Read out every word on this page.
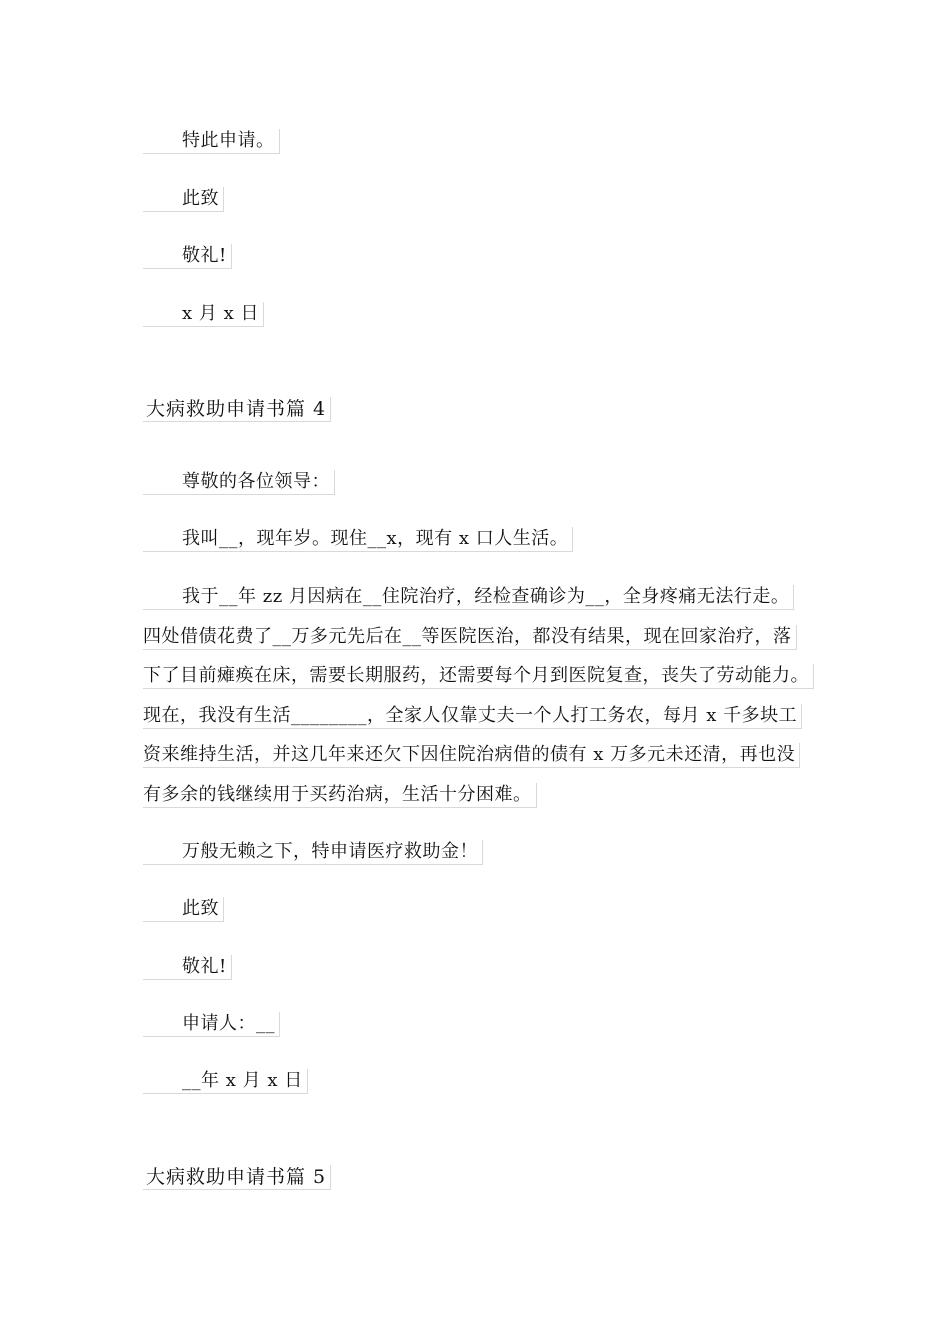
特此申请。
此致
敬礼!
x 月 x 日
大病救助申请书篇 4
尊敬的各位领导：
我叫__，现年岁。现住__x，现有 x 口人生活。
我于__年 zz 月因病在__住院治疗，经检查确诊为__，全身疼痛无法行走。
四处借债花费了__万多元先后在__等医院医治，都没有结果，现在回家治疗，落
下了目前瘫痪在床，需要长期服药，还需要每个月到医院复查，丧失了劳动能力。
现在，我没有生活________，全家人仅靠丈夫一个人打工务农，每月 x 千多块工
资来维持生活，并这几年来还欠下因住院治病借的债有 x 万多元未还清，再也没
有多余的钱继续用于买药治病，生活十分困难。
万般无赖之下，特申请医疗救助金！
此致
敬礼!
申请人：__
__年 x 月 x 日
大病救助申请书篇 5
